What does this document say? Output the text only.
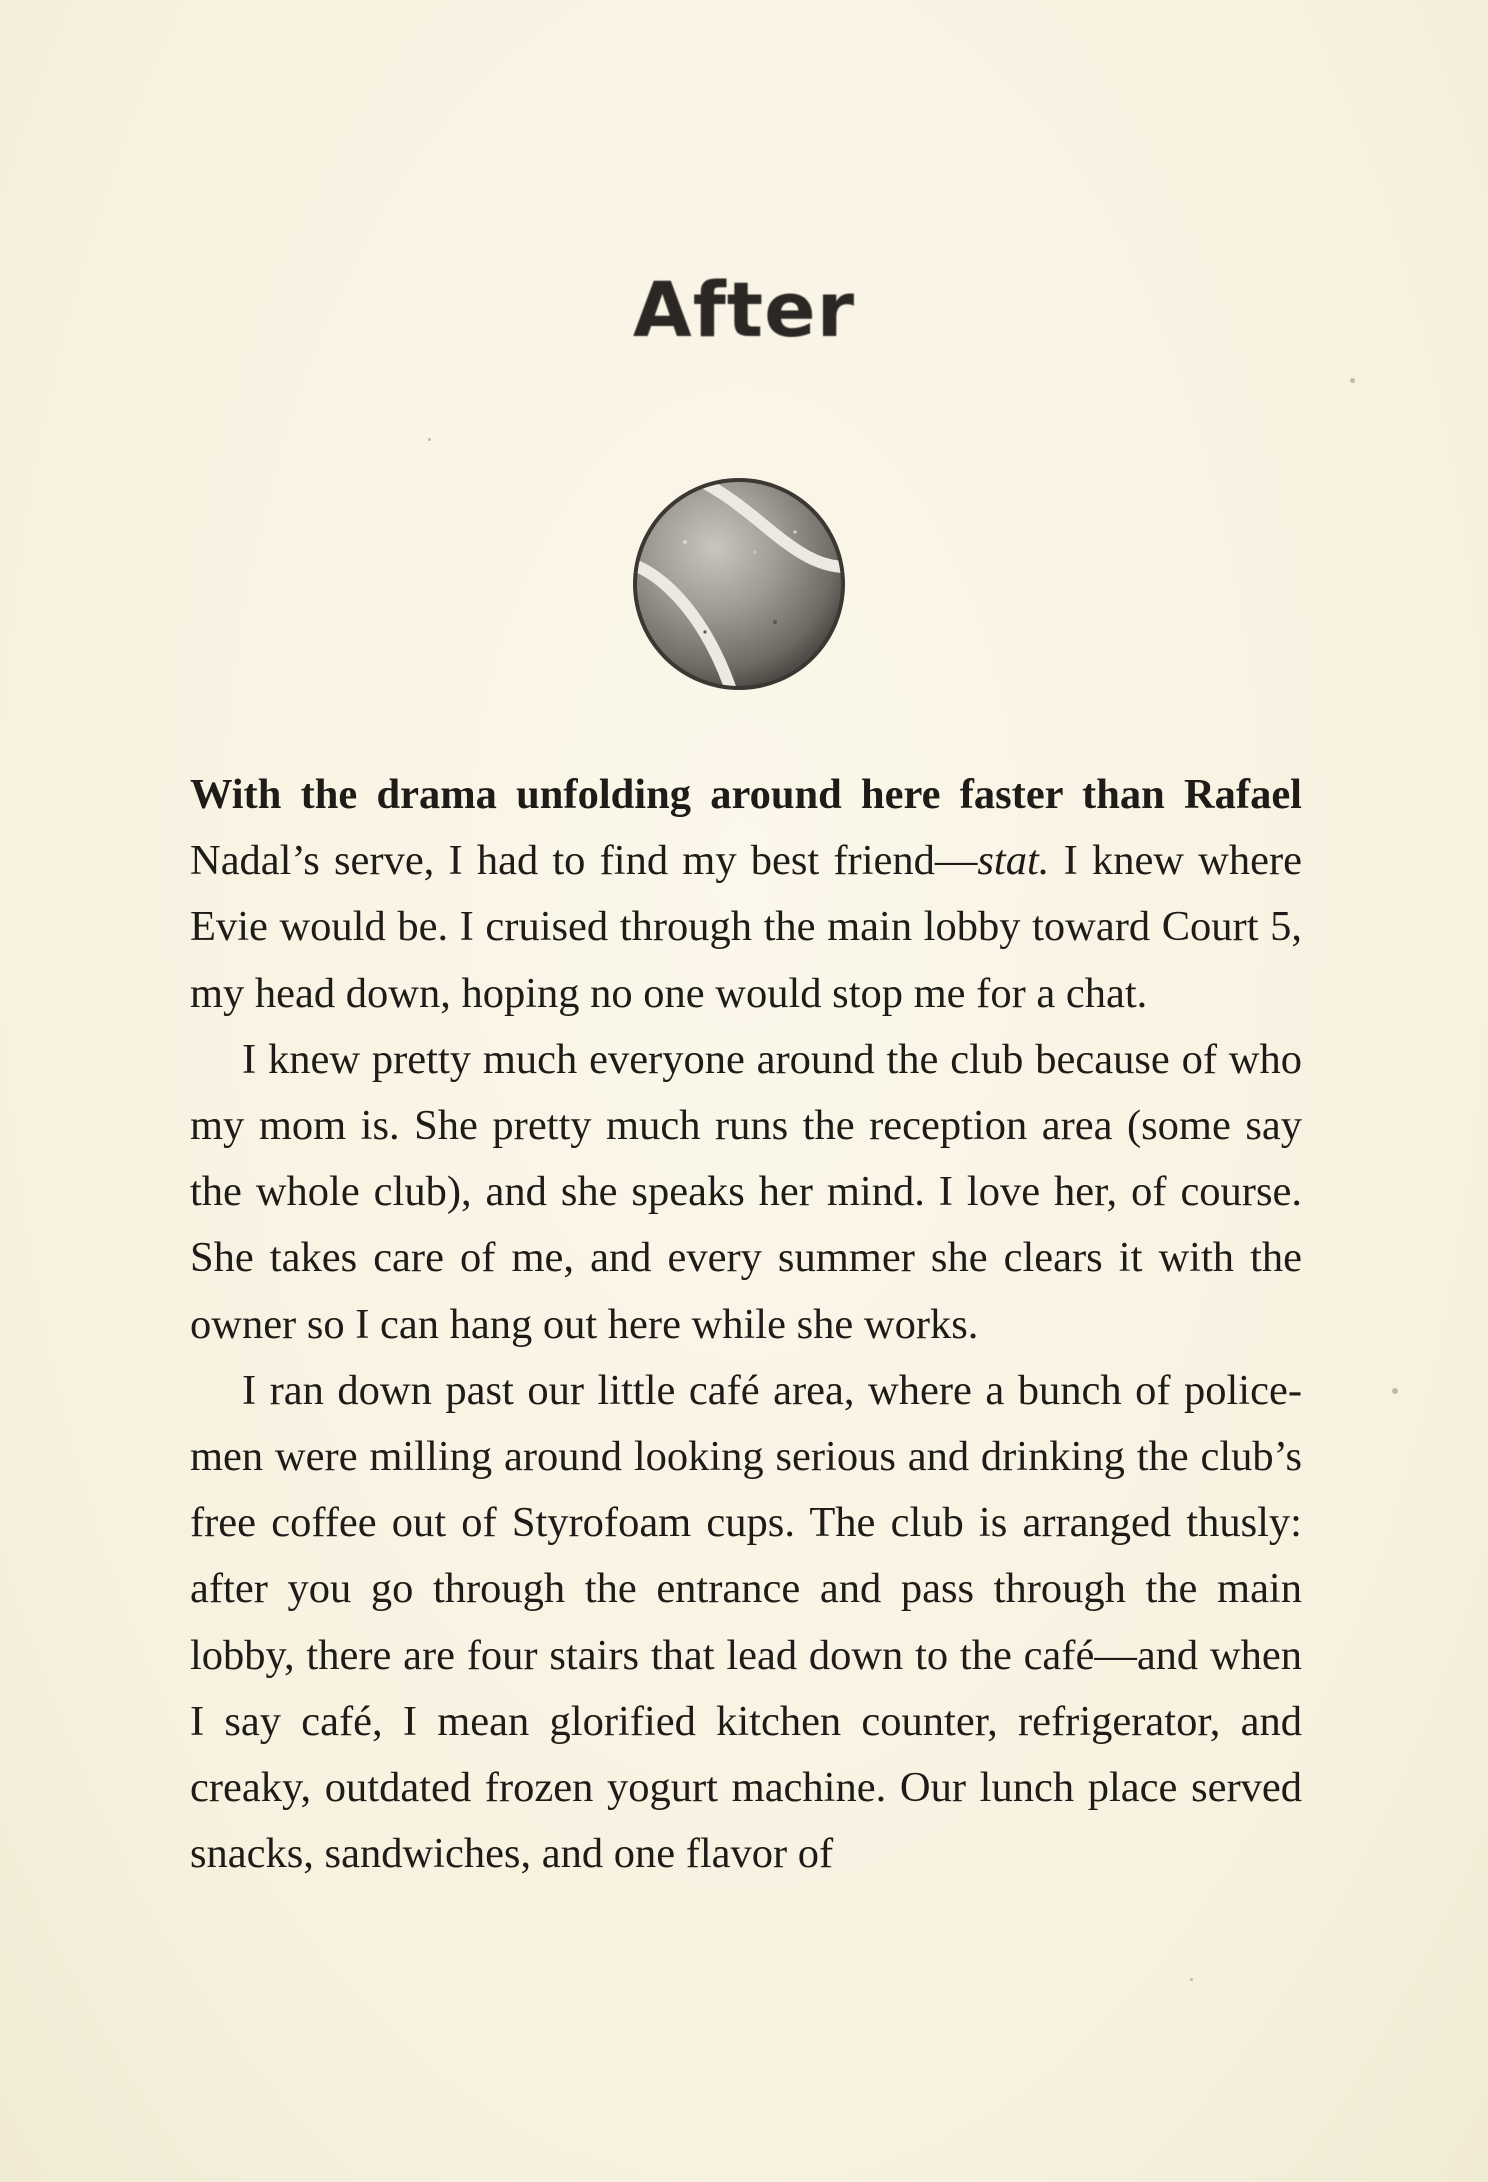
After

With the drama unfolding around here faster than Rafael Nadal’s serve, I had to find my best friend—stat. I knew where Evie would be. I cruised through the main lobby toward Court 5, my head down, hoping no one would stop me for a chat.

I knew pretty much everyone around the club because of who my mom is. She pretty much runs the reception area (some say the whole club), and she speaks her mind. I love her, of course. She takes care of me, and every summer she clears it with the owner so I can hang out here while she works.

I ran down past our little café area, where a bunch of policemen were milling around looking serious and drinking the club’s free coffee out of Styrofoam cups. The club is arranged thusly: after you go through the entrance and pass through the main lobby, there are four stairs that lead down to the café—and when I say café, I mean glorified kitchen counter, refrigerator, and creaky, outdated frozen yogurt machine. Our lunch place served snacks, sandwiches, and one flavor of
